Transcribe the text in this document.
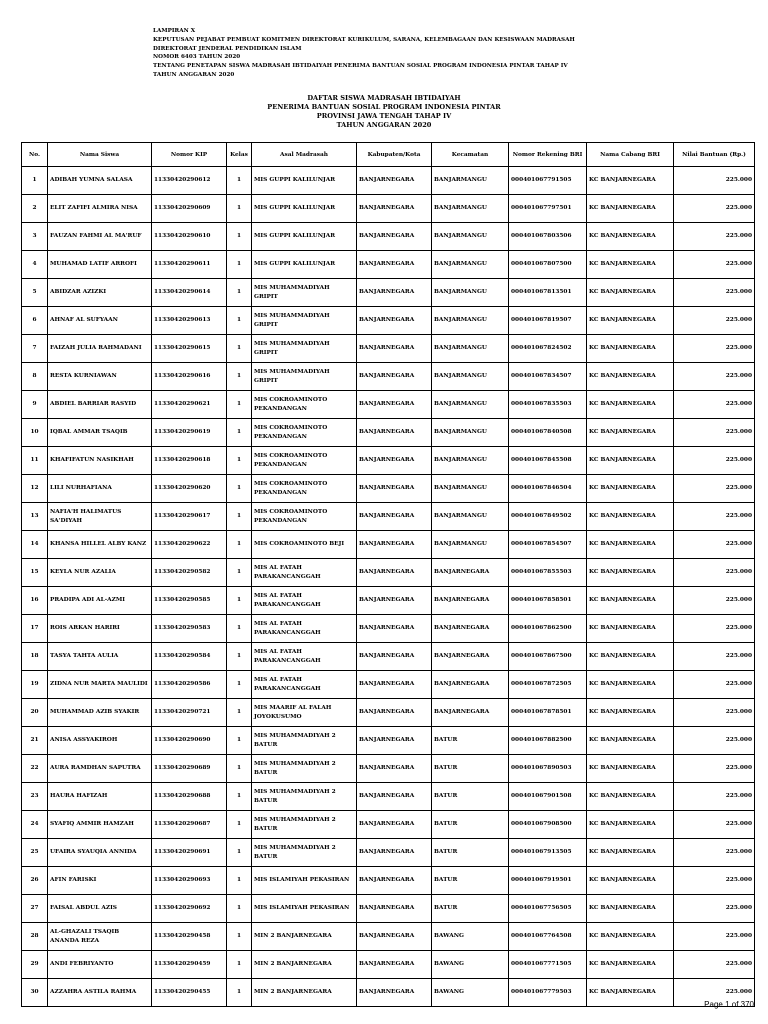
LAMPIRAN X
KEPUTUSAN PEJABAT PEMBUAT KOMITMEN DIREKTORAT KURIKULUM, SARANA, KELEMBAGAAN DAN KESISWAAN MADRASAH
DIREKTORAT JENDERAL PENDIDIKAN ISLAM
NOMOR 6403 TAHUN 2020
TENTANG PENETAPAN SISWA MADRASAH IBTIDAIYAH PENERIMA BANTUAN SOSIAL PROGRAM INDONESIA PINTAR TAHAP IV
TAHUN ANGGARAN 2020
DAFTAR SISWA MADRASAH IBTIDAIYAH
PENERIMA BANTUAN SOSIAL PROGRAM INDONESIA PINTAR
PROVINSI JAWA TENGAH TAHAP IV
TAHUN ANGGARAN 2020
No.	Nama Siswa	Nomor KIP	Kelas	Asal Madrasah	Kabupaten/Kota	Kecamatan	Nomor Rekening BRI	Nama Cabang BRI	Nilai Bantuan (Rp.)
1	ADIBAH YUMNA SALASA	11330420290612	1	MIS GUPPI KALILUNJAR	BANJARNEGARA	BANJARMANGU	000401067791505	KC BANJARNEGARA	225.000
2	ELIT ZAFIFI ALMIRA NISA	11330420290609	1	MIS GUPPI KALILUNJAR	BANJARNEGARA	BANJARMANGU	000401067797501	KC BANJARNEGARA	225.000
3	FAUZAN FAHMI AL MA'RUF	11330420290610	1	MIS GUPPI KALILUNJAR	BANJARNEGARA	BANJARMANGU	000401067803506	KC BANJARNEGARA	225.000
4	MUHAMAD LATIF ARROFI	11330420290611	1	MIS GUPPI KALILUNJAR	BANJARNEGARA	BANJARMANGU	000401067807500	KC BANJARNEGARA	225.000
5	ABIDZAR AZIZKI	11330420290614	1	MIS MUHAMMADIYAH GRIPIT	BANJARNEGARA	BANJARMANGU	000401067813501	KC BANJARNEGARA	225.000
6	AHNAF AL SUFYAAN	11330420290613	1	MIS MUHAMMADIYAH GRIPIT	BANJARNEGARA	BANJARMANGU	000401067819507	KC BANJARNEGARA	225.000
7	FAIZAH JULIA RAHMADANI	11330420290615	1	MIS MUHAMMADIYAH GRIPIT	BANJARNEGARA	BANJARMANGU	000401067824502	KC BANJARNEGARA	225.000
8	RESTA KURNIAWAN	11330420290616	1	MIS MUHAMMADIYAH GRIPIT	BANJARNEGARA	BANJARMANGU	000401067834507	KC BANJARNEGARA	225.000
9	ABDIEL BARRIAR RASYID	11330420290621	1	MIS COKROAMINOTO PEKANDANGAN	BANJARNEGARA	BANJARMANGU	000401067835503	KC BANJARNEGARA	225.000
10	IQBAL AMMAR TSAQIB	11330420290619	1	MIS COKROAMINOTO PEKANDANGAN	BANJARNEGARA	BANJARMANGU	000401067840508	KC BANJARNEGARA	225.000
11	KHAFIFATUN NASIKHAH	11330420290618	1	MIS COKROAMINOTO PEKANDANGAN	BANJARNEGARA	BANJARMANGU	000401067845508	KC BANJARNEGARA	225.000
12	LILI NURHAFIANA	11330420290620	1	MIS COKROAMINOTO PEKANDANGAN	BANJARNEGARA	BANJARMANGU	000401067846504	KC BANJARNEGARA	225.000
13	NAFIA'H HALIMATUS SA'DIYAH	11330420290617	1	MIS COKROAMINOTO PEKANDANGAN	BANJARNEGARA	BANJARMANGU	000401067849502	KC BANJARNEGARA	225.000
14	KHANSA HILLEL ALBY KANZ	11330420290622	1	MIS COKROAMINOTO BEJI	BANJARNEGARA	BANJARMANGU	000401067854507	KC BANJARNEGARA	225.000
15	KEYLA NUR AZALIA	11330420290582	1	MIS AL FATAH PARAKANCANGGAH	BANJARNEGARA	BANJARNEGARA	000401067855503	KC BANJARNEGARA	225.000
16	PRADIPA ADI AL-AZMI	11330420290585	1	MIS AL FATAH PARAKANCANGGAH	BANJARNEGARA	BANJARNEGARA	000401067858501	KC BANJARNEGARA	225.000
17	ROIS ARKAN HARIRI	11330420290583	1	MIS AL FATAH PARAKANCANGGAH	BANJARNEGARA	BANJARNEGARA	000401067862500	KC BANJARNEGARA	225.000
18	TASYA TAHTA AULIA	11330420290584	1	MIS AL FATAH PARAKANCANGGAH	BANJARNEGARA	BANJARNEGARA	000401067867500	KC BANJARNEGARA	225.000
19	ZIDNA NUR MARTA MAULIDI	11330420290586	1	MIS AL FATAH PARAKANCANGGAH	BANJARNEGARA	BANJARNEGARA	000401067872505	KC BANJARNEGARA	225.000
20	MUHAMMAD AZIB SYAKIR	11330420290721	1	MIS MAARIF AL FALAH JOYOKUSUMO	BANJARNEGARA	BANJARNEGARA	000401067878501	KC BANJARNEGARA	225.000
21	ANISA ASSYAKIROH	11330420290690	1	MIS MUHAMMADIYAH 2 BATUR	BANJARNEGARA	BATUR	000401067882500	KC BANJARNEGARA	225.000
22	AURA RAMDHAN SAPUTRA	11330420290689	1	MIS MUHAMMADIYAH 2 BATUR	BANJARNEGARA	BATUR	000401067890503	KC BANJARNEGARA	225.000
23	HAURA HAFIZAH	11330420290688	1	MIS MUHAMMADIYAH 2 BATUR	BANJARNEGARA	BATUR	000401067901508	KC BANJARNEGARA	225.000
24	SYAFIQ AMMIR HAMZAH	11330420290687	1	MIS MUHAMMADIYAH 2 BATUR	BANJARNEGARA	BATUR	000401067908500	KC BANJARNEGARA	225.000
25	UFAIRA SYAUQIA ANNIDA	11330420290691	1	MIS MUHAMMADIYAH 2 BATUR	BANJARNEGARA	BATUR	000401067913505	KC BANJARNEGARA	225.000
26	AFIN FARISKI	11330420290693	1	MIS ISLAMIYAH PEKASIRAN	BANJARNEGARA	BATUR	000401067919501	KC BANJARNEGARA	225.000
27	FAISAL ABDUL AZIS	11330420290692	1	MIS ISLAMIYAH PEKASIRAN	BANJARNEGARA	BATUR	000401067756505	KC BANJARNEGARA	225.000
28	AL-GHAZALI TSAQIB ANANDA REZA	11330420290458	1	MIN 2 BANJARNEGARA	BANJARNEGARA	BAWANG	000401067764508	KC BANJARNEGARA	225.000
29	ANDI FEBRIYANTO	11330420290459	1	MIN 2 BANJARNEGARA	BANJARNEGARA	BAWANG	000401067771505	KC BANJARNEGARA	225.000
30	AZZAHRA ASTILA RAHMA	11330420290455	1	MIN 2 BANJARNEGARA	BANJARNEGARA	BAWANG	000401067779503	KC BANJARNEGARA	225.000
Page 1 of 370
